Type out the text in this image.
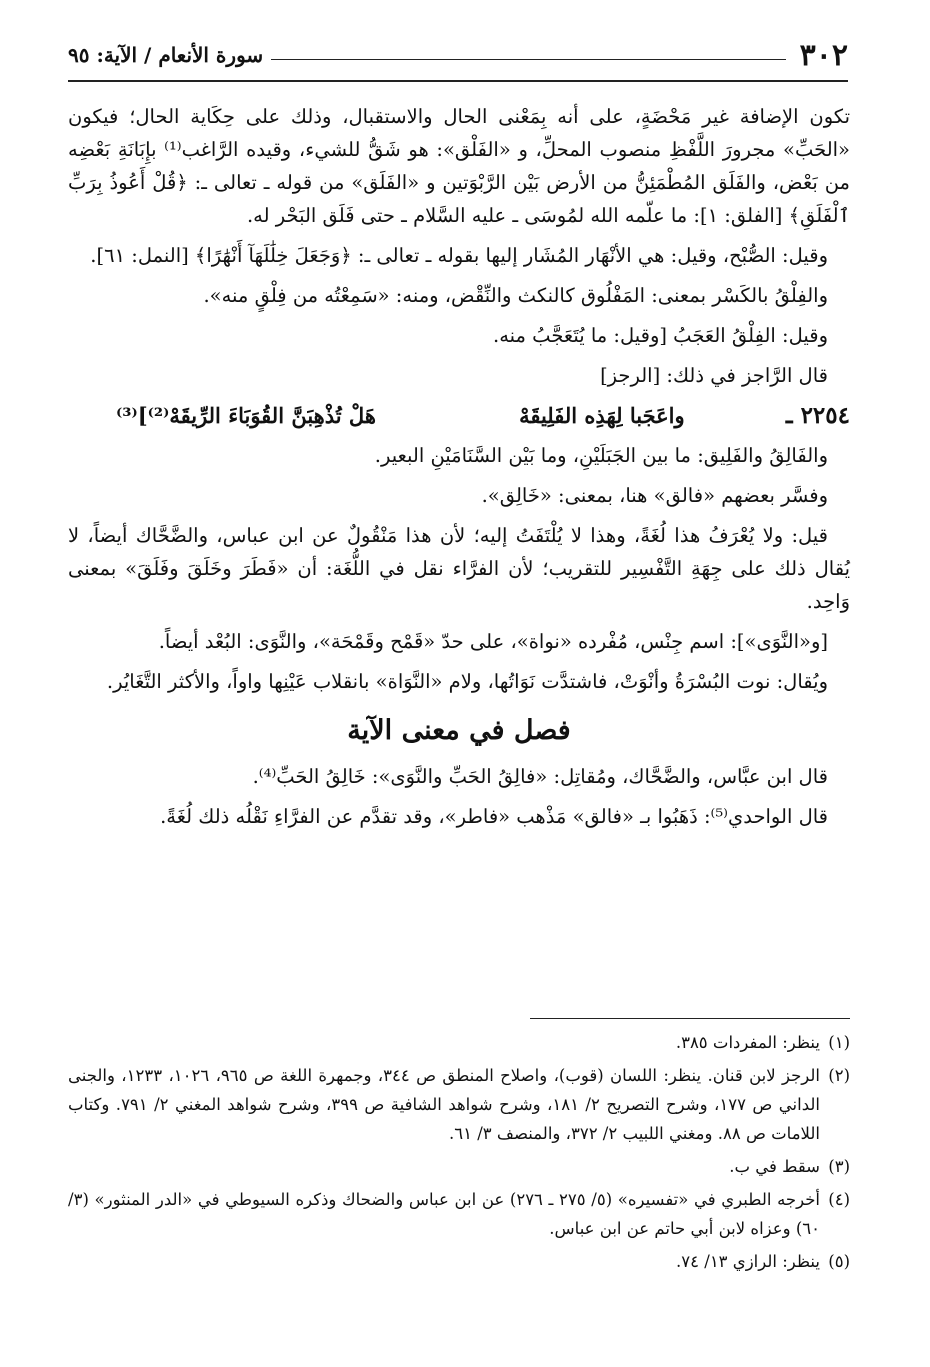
٣٠٢
سورة الأنعام / الآية: ٩٥

تكون الإضافة غير مَحْضَةٍ، على أنه بِمَعْنى الحال والاستقبال، وذلك على حِكَاية الحال؛ فيكون «الحَبِّ» مجرورَ اللَّفْظِ منصوب المحلِّ، و «الفَلْق»: هو شَقُّ للشيء، وقيده الرَّاغب⁽¹⁾ بإِبَانَةِ بَعْضِه من بَعْض، والفَلَق المُطْمَئِنُّ من الأرض بَيْن الرَّبْوَتين و «الفَلَق» من قوله ـ تعالى ـ: ﴿قُلْ أَعُوذُ بِرَبِّ ٱلْفَلَقِ﴾ [الفلق: ١]: ما علّمه الله لمُوسَى ـ عليه السَّلام ـ حتى فَلَق البَحْر له.

وقيل: الصُّبْح، وقيل: هي الأنْهَار المُشَار إليها بقوله ـ تعالى ـ: ﴿وَجَعَلَ خِلَٰلَهَآ أَنْهَٰرًا﴾ [النمل: ٦١].

والفِلْقُ بالكَسْر بمعنى: المَفْلُوق كالنكث والنِّقْض، ومنه: «سَمِعْتُه من فِلْقٍ منه».

وقيل: الفِلْقُ العَجَبُ [وقيل: ما يُتَعَجَّبُ منه.

قال الرَّاجز في ذلك: [الرجز]

٢٢٥٤ ـ
واعَجَبا لِهَذِه الفَلِيقَهْ
هَلْ تُذْهِبَنَّ القُوَبَاءَ الرِّيقَهْ⁽²⁾]⁽³⁾

والفَالِقُ والفَلِيق: ما بين الجَبَلَيْنِ، وما بَيْن السَّنَامَيْنِ البعير.

وفسَّر بعضهم «فالق» هنا، بمعنى: «خَالِق».

قيل: ولا يُعْرَفُ هذا لُغَةً، وهذا لا يُلْتَفَتُ إليه؛ لأن هذا مَنْقُولٌ عن ابن عباس، والضَّحَّاك أيضاً، لا يُقال ذلك على جِهَةِ التَّفْسِير للتقريب؛ لأن الفرَّاء نقل في اللُّغَة: أن «فَطَرَ وخَلَقَ وفَلَقَ» بمعنى وَاحِد.

[و«النَّوَى»]: اسم جِنْس، مُفْرده «نواة»، على حدّ «قَمْح وقَمْحَة»، والنَّوَى: البُعْد أيضاً.

ويُقال: نوت البُسْرَةُ وأنْوَتْ، فاشتدَّت نَوَاتُها، ولام «النَّوَاة» بانقلاب عَيْنِها واواً، والأكثر التَّغَايُر.

فصل في معنى الآية

قال ابن عبَّاس، والضَّحَّاك، ومُقاتِل: «فالِقُ الحَبِّ والنَّوَى»: خَالِقُ الحَبِّ⁽⁴⁾.

قال الواحدي⁽⁵⁾: ذَهَبُوا بـ «فالق» مَذْهب «فاطر»، وقد تقدَّم عن الفرَّاءِ نَقْلُه ذلك لُغَةً.

(١)
ينظر: المفردات ٣٨٥.
(٢)
الرجز لابن قنان. ينظر: اللسان (قوب)، واصلاح المنطق ص ٣٤٤، وجمهرة اللغة ص ٩٦٥، ١٠٢٦، ١٢٣٣، والجنى الداني ص ١٧٧، وشرح التصريح ٢/ ١٨١، وشرح شواهد الشافية ص ٣٩٩، وشرح شواهد المغني ٢/ ٧٩١. وكتاب اللامات ص ٨٨. ومغني اللبيب ٢/ ٣٧٢، والمنصف ٣/ ٦١.
(٣)
سقط في ب.
(٤)
أخرجه الطبري في «تفسيره» (٥/ ٢٧٥ ـ ٢٧٦) عن ابن عباس والضحاك وذكره السيوطي في «الدر المنثور» (٣/ ٦٠) وعزاه لابن أبي حاتم عن ابن عباس.
(٥)
ينظر: الرازي ١٣/ ٧٤.
